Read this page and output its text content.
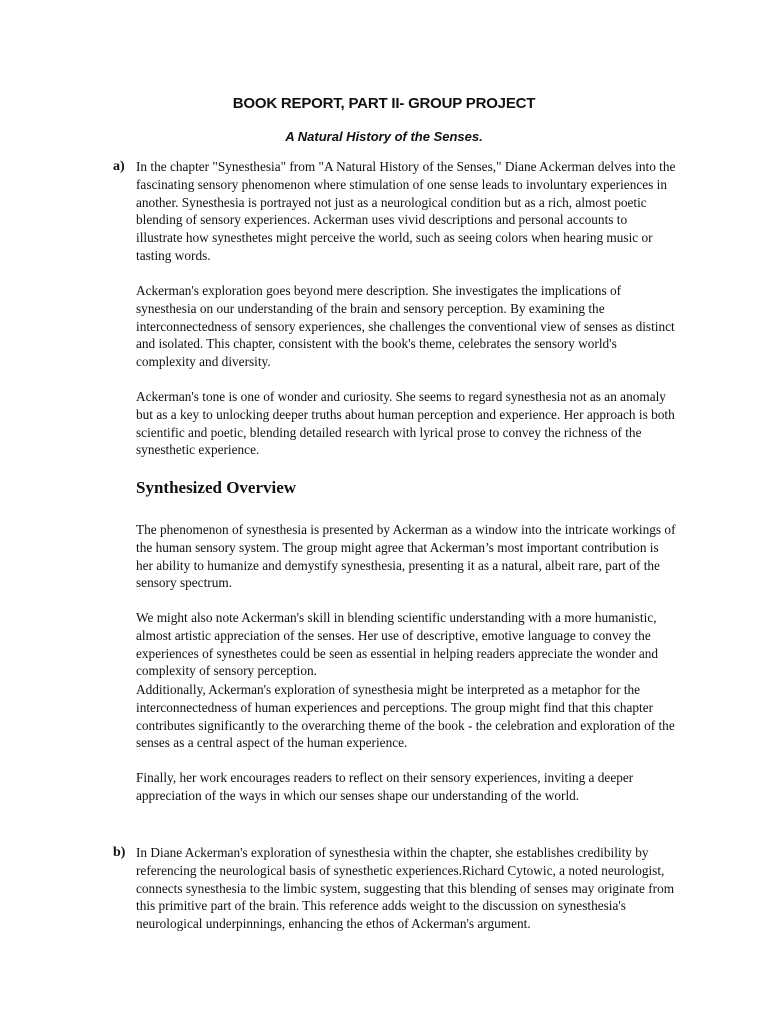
BOOK REPORT, PART II- GROUP PROJECT
A Natural History of the Senses.
a) In the chapter "Synesthesia" from "A Natural History of the Senses," Diane Ackerman delves into the fascinating sensory phenomenon where stimulation of one sense leads to involuntary experiences in another. Synesthesia is portrayed not just as a neurological condition but as a rich, almost poetic blending of sensory experiences. Ackerman uses vivid descriptions and personal accounts to illustrate how synesthetes might perceive the world, such as seeing colors when hearing music or tasting words.

Ackerman's exploration goes beyond mere description. She investigates the implications of synesthesia on our understanding of the brain and sensory perception. By examining the interconnectedness of sensory experiences, she challenges the conventional view of senses as distinct and isolated. This chapter, consistent with the book's theme, celebrates the sensory world's complexity and diversity.

Ackerman's tone is one of wonder and curiosity. She seems to regard synesthesia not as an anomaly but as a key to unlocking deeper truths about human perception and experience. Her approach is both scientific and poetic, blending detailed research with lyrical prose to convey the richness of the synesthetic experience.

Synthesized Overview

The phenomenon of synesthesia is presented by Ackerman as a window into the intricate workings of the human sensory system. The group might agree that Ackerman’s most important contribution is her ability to humanize and demystify synesthesia, presenting it as a natural, albeit rare, part of the sensory spectrum.

We might also note Ackerman's skill in blending scientific understanding with a more humanistic, almost artistic appreciation of the senses. Her use of descriptive, emotive language to convey the experiences of synesthetes could be seen as essential in helping readers appreciate the wonder and complexity of sensory perception.

Additionally, Ackerman's exploration of synesthesia might be interpreted as a metaphor for the interconnectedness of human experiences and perceptions. The group might find that this chapter contributes significantly to the overarching theme of the book - the celebration and exploration of the senses as a central aspect of the human experience.

Finally, her work encourages readers to reflect on their sensory experiences, inviting a deeper appreciation of the ways in which our senses shape our understanding of the world.

b) In Diane Ackerman's exploration of synesthesia within the chapter, she establishes credibility by referencing the neurological basis of synesthetic experiences.Richard Cytowic, a noted neurologist, connects synesthesia to the limbic system, suggesting that this blending of senses may originate from this primitive part of the brain. This reference adds weight to the discussion on synesthesia's neurological underpinnings, enhancing the ethos of Ackerman's argument.
